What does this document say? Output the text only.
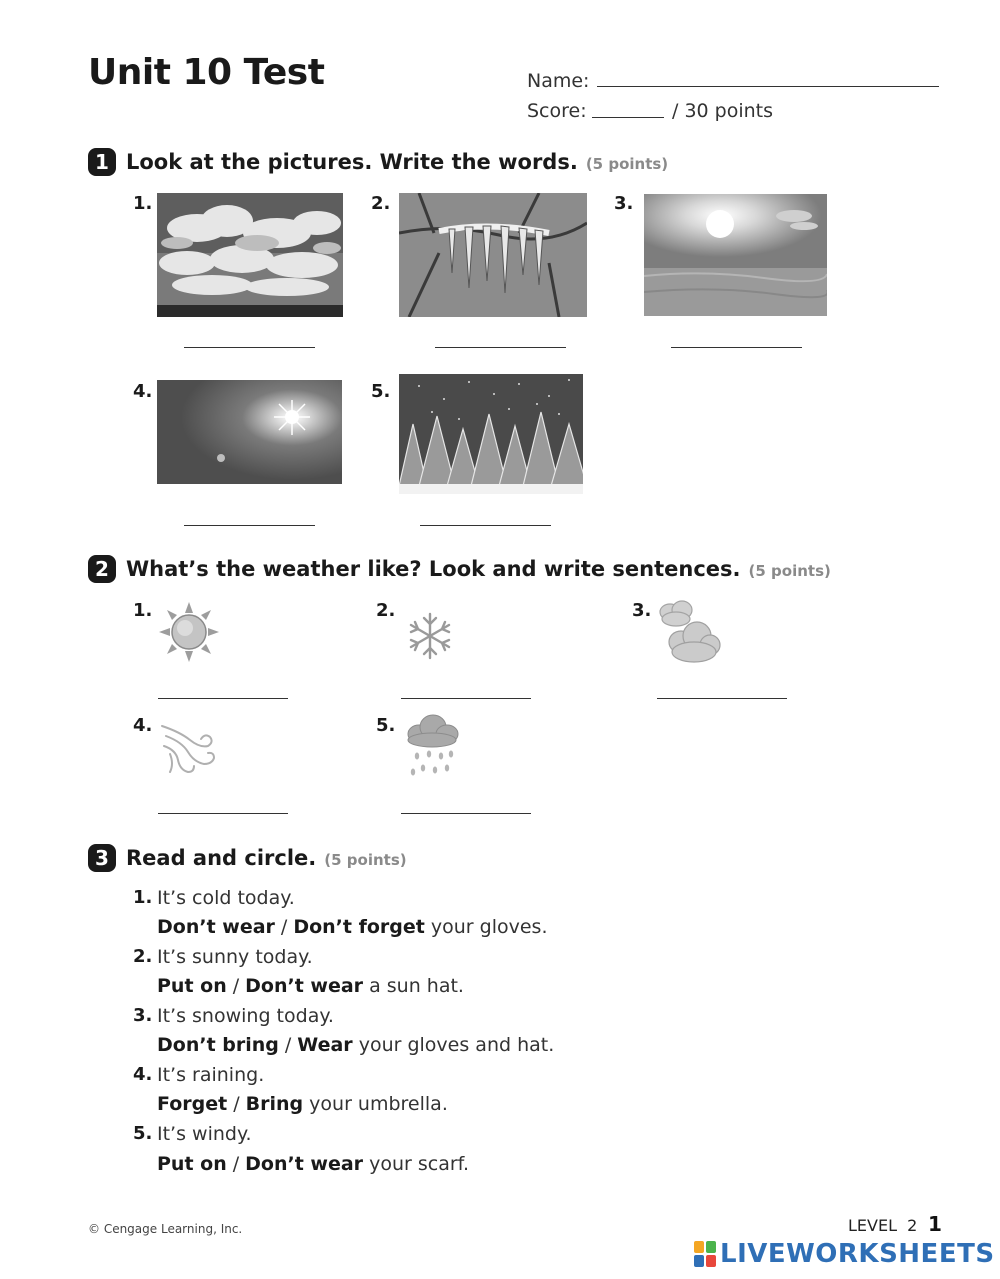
Unit 10 Test	Name:
Score:	/ 30 points
1 Look at the pictures. Write the words. (5 points)
1.	2.	3.
4.	5.
2 What’s the weather like? Look and write sentences. (5 points)
1.	2.	3.
4.	5.
3 Read and circle. (5 points)
1. It’s cold today.
Don’t wear / Don’t forget your gloves.
2. It’s sunny today.
Put on / Don’t wear a sun hat.
3. It’s snowing today.
Don’t bring / Wear your gloves and hat.
4. It’s raining.
Forget / Bring your umbrella.
5. It’s windy.
Put on / Don’t wear your scarf.
© Cengage Learning, Inc.	LEVEL  2 1
LIVEWORKSHEETS
